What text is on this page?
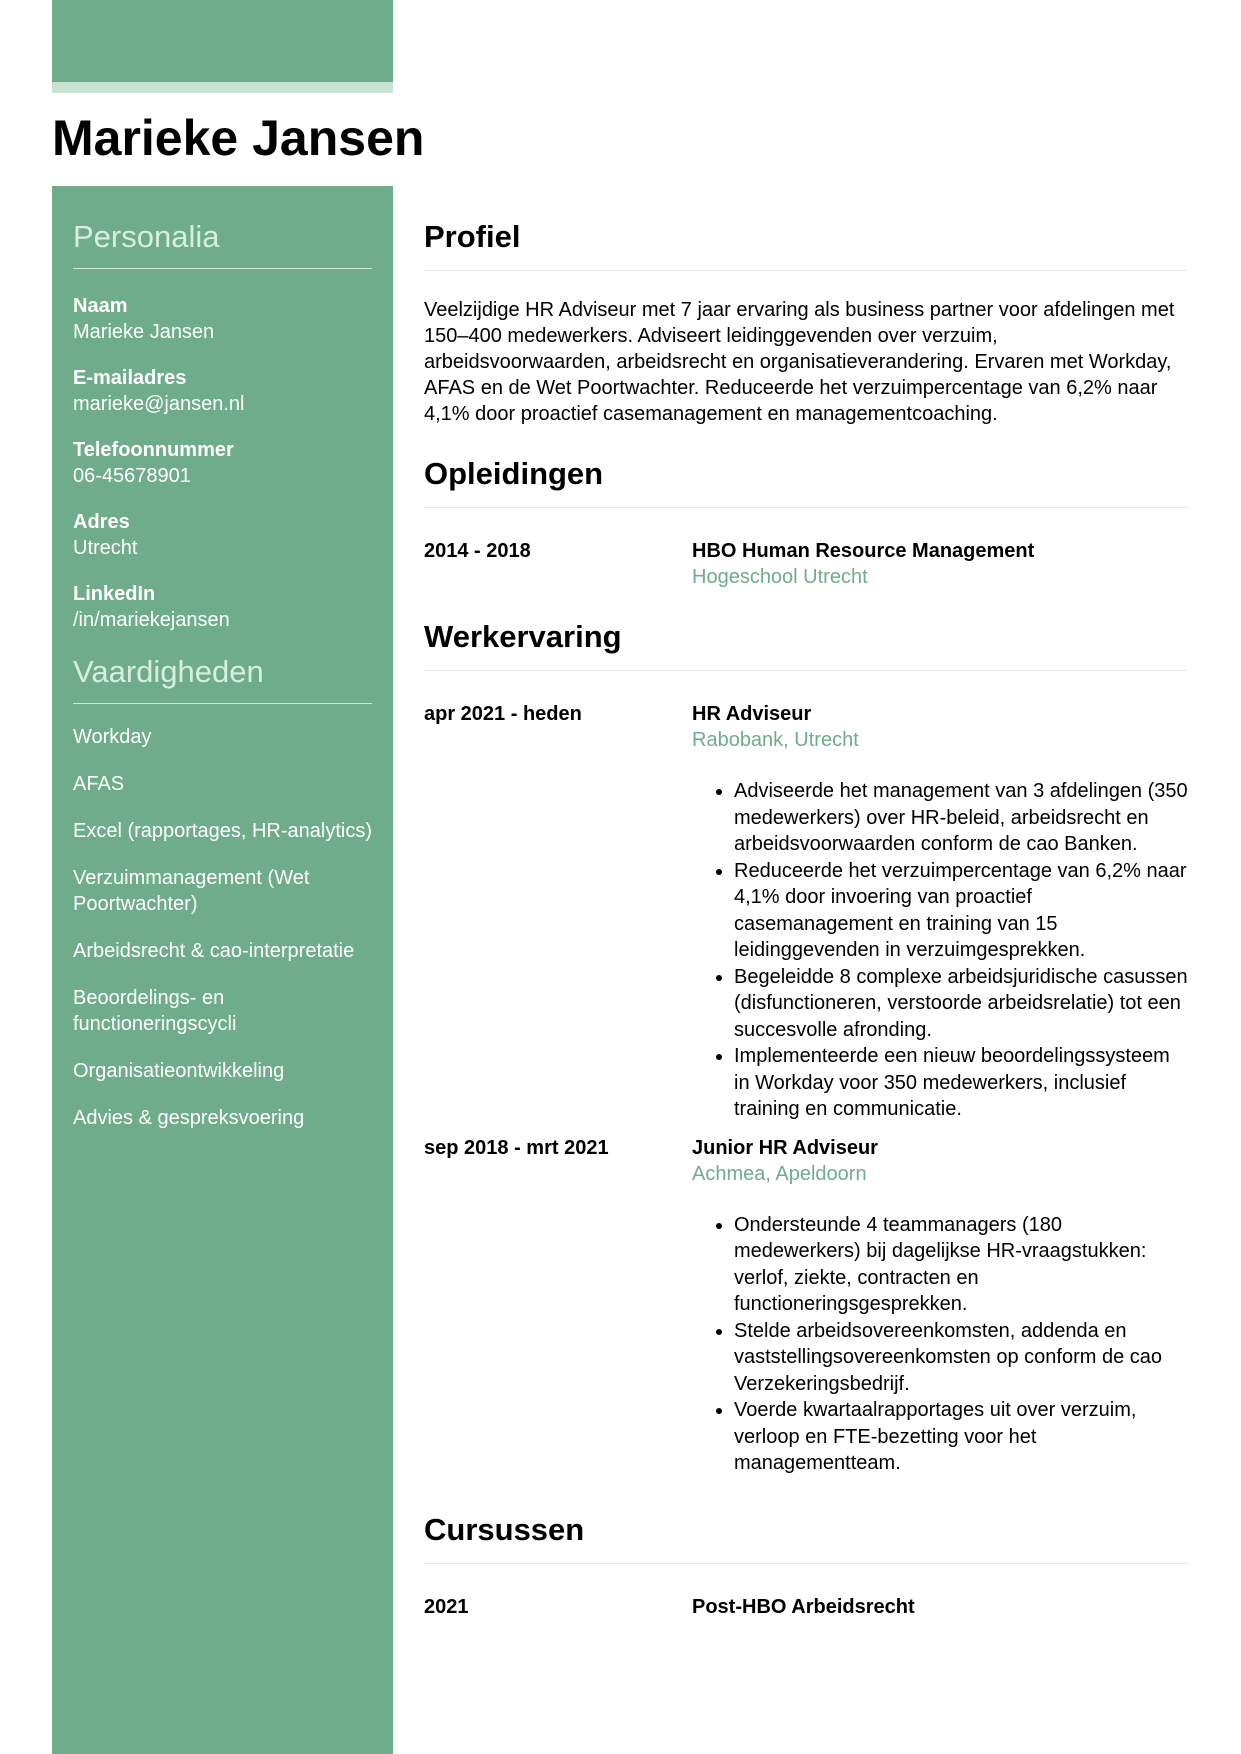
Marieke Jansen
Personalia
Naam
Marieke Jansen
E-mailadres
marieke@jansen.nl
Telefoonnummer
06-45678901
Adres
Utrecht
LinkedIn
/in/mariekejansen
Vaardigheden
Workday
AFAS
Excel (rapportages, HR-analytics)
Verzuimmanagement (Wet Poortwachter)
Arbeidsrecht & cao-interpretatie
Beoordelings- en functioneringscycli
Organisatieontwikkeling
Advies & gespreksvoering
Profiel

Veelzijdige HR Adviseur met 7 jaar ervaring als business partner voor afdelingen met 150–400 medewerkers. Adviseert leidinggevenden over verzuim, arbeidsvoorwaarden, arbeidsrecht en organisatieverandering. Ervaren met Workday, AFAS en de Wet Poortwachter. Reduceerde het verzuimpercentage van 6,2% naar 4,1% door proactief casemanagement en managementcoaching.

Opleidingen
2014 - 2018	HBO Human Resource Management
Hogeschool Utrecht
Werkervaring
apr 2021 - heden	HR Adviseur
Rabobank, Utrecht
• Adviseerde het management van 3 afdelingen (350 medewerkers) over HR-beleid, arbeidsrecht en arbeidsvoorwaarden conform de cao Banken.
• Reduceerde het verzuimpercentage van 6,2% naar 4,1% door invoering van proactief casemanagement en training van 15 leidinggevenden in verzuimgesprekken.
• Begeleidde 8 complexe arbeidsjuridische casussen (disfunctioneren, verstoorde arbeidsrelatie) tot een succesvolle afronding.
• Implementeerde een nieuw beoordelingssysteem in Workday voor 350 medewerkers, inclusief training en communicatie.
sep 2018 - mrt 2021	Junior HR Adviseur
Achmea, Apeldoorn
• Ondersteunde 4 teammanagers (180 medewerkers) bij dagelijkse HR-vraagstukken: verlof, ziekte, contracten en functioneringsgesprekken.
• Stelde arbeidsovereenkomsten, addenda en vaststellingsovereenkomsten op conform de cao Verzekeringsbedrijf.
• Voerde kwartaalrapportages uit over verzuim, verloop en FTE-bezetting voor het managementteam.
Cursussen
2021	Post-HBO Arbeidsrecht
